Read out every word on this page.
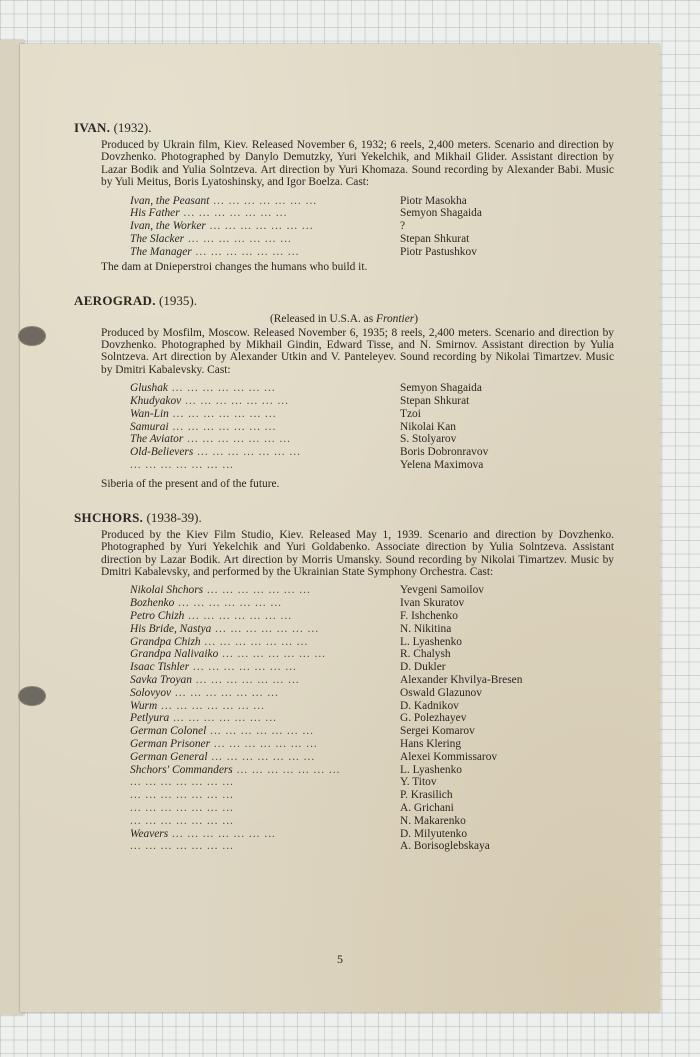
IVAN. (1932).
Produced by Ukrain film, Kiev. Released November 6, 1932; 6 reels, 2,400 meters. Scenario and direction by Dovzhenko. Photographed by Danylo Demutzky, Yuri Yekelchik, and Mikhail Glider. Assistant direction by Lazar Bodik and Yulia Solntzeva. Art direction by Yuri Khomaza. Sound recording by Alexander Babi. Music by Yuli Meitus, Boris Lyatoshinsky, and Igor Boelza. Cast:
Ivan, the Peasant ... ... ... ... ... ... ...	Piotr Masokha
His Father ... ... ... ... ... ... ...	Semyon Shagaida
Ivan, the Worker ... ... ... ... ... ... ...	?
The Slacker ... ... ... ... ... ... ...	Stepan Shkurat
The Manager ... ... ... ... ... ... ...	Piotr Pastushkov
The dam at Dnieperstroi changes the humans who build it.
AEROGRAD. (1935).
(Released in U.S.A. as Frontier)
Produced by Mosfilm, Moscow. Released November 6, 1935; 8 reels, 2,400 meters. Scenario and direction by Dovzhenko. Photographed by Mikhail Gindin, Edward Tisse, and N. Smirnov. Assistant direction by Yulia Solntzeva. Art direction by Alexander Utkin and V. Panteleyev. Sound recording by Nikolai Timartzev. Music by Dmitri Kabalevsky. Cast:
Glushak ... ... ... ... ... ... ...	Semyon Shagaida
Khudyakov ... ... ... ... ... ... ...	Stepan Shkurat
Wan-Lin ... ... ... ... ... ... ...	Tzoi
Samurai ... ... ... ... ... ... ...	Nikolai Kan
The Aviator ... ... ... ... ... ... ...	S. Stolyarov
Old-Believers ... ... ... ... ... ... ...	Boris Dobronravov
... ... ... ... ... ... ...	Yelena Maximova
Siberia of the present and of the future.
SHCHORS. (1938-39).
Produced by the Kiev Film Studio, Kiev. Released May 1, 1939. Scenario and direction by Dovzhenko. Photographed by Yuri Yekelchik and Yuri Goldabenko. Associate direction by Yulia Solntzeva. Assistant direction by Lazar Bodik. Art direction by Morris Umansky. Sound recording by Nikolai Timartzev. Music by Dmitri Kabalevsky, and performed by the Ukrainian State Symphony Orchestra. Cast:
Nikolai Shchors ... ... ... ... ... ... ...	Yevgeni Samoilov
Bozhenko ... ... ... ... ... ... ...	Ivan Skuratov
Petro Chizh ... ... ... ... ... ... ...	F. Ishchenko
His Bride, Nastya ... ... ... ... ... ... ...	N. Nikitina
Grandpa Chizh ... ... ... ... ... ... ...	L. Lyashenko
Grandpa Nalivaiko ... ... ... ... ... ... ...	R. Chalysh
Isaac Tishler ... ... ... ... ... ... ...	D. Dukler
Savka Troyan ... ... ... ... ... ... ...	Alexander Khvilya-Bresen
Solovyov ... ... ... ... ... ... ...	Oswald Glazunov
Wurm ... ... ... ... ... ... ...	D. Kadnikov
Petlyura ... ... ... ... ... ... ...	G. Polezhayev
German Colonel ... ... ... ... ... ... ...	Sergei Komarov
German Prisoner ... ... ... ... ... ... ...	Hans Klering
German General ... ... ... ... ... ... ...	Alexei Kommissarov
Shchors' Commanders ... ... ... ... ... ... ...	L. Lyashenko
... ... ... ... ... ... ...	Y. Titov
... ... ... ... ... ... ...	P. Krasilich
... ... ... ... ... ... ...	A. Grichani
... ... ... ... ... ... ...	N. Makarenko
Weavers ... ... ... ... ... ... ...	D. Milyutenko
... ... ... ... ... ... ...	A. Borisoglebskaya
5
